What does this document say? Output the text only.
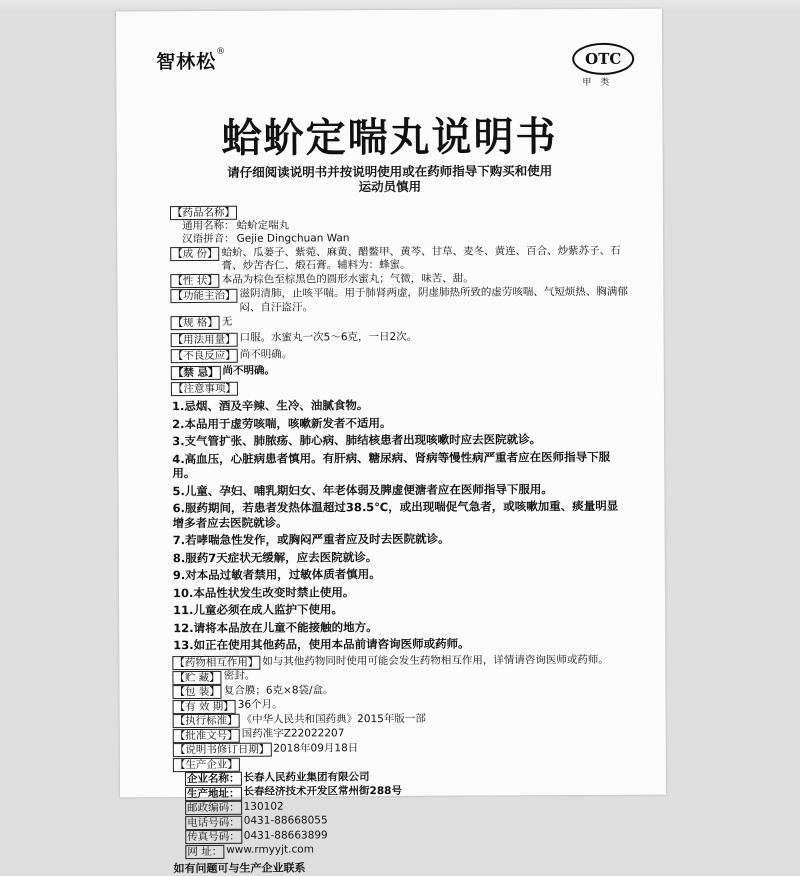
智林松®	OTC
甲 类
蛤蚧定喘丸说明书
请仔细阅读说明书并按说明使用或在药师指导下购买和使用
运动员慎用
【药品名称】
通用名称： 蛤蚧定喘丸
汉语拼音： Gejie Dingchuan Wan
【成 份】 蛤蚧、瓜蒌子、紫菀、麻黄、醋鳖甲、黄芩、甘草、麦冬、黄连、百合、炒紫苏子、石膏、炒苦杏仁、煅石膏。辅料为：蜂蜜。
【性 状】 本品为棕色至棕黑色的圆形水蜜丸；气微，味苦、甜。
【功能主治】 滋阴清肺，止咳平喘。用于肺肾两虚，阴虚肺热所致的虚劳咳喘、气短烦热、胸满郁闷、自汗盗汗。
【规 格】 无
【用法用量】 口服。水蜜丸一次5～6克，一日2次。
【不良反应】 尚不明确。
【禁 忌】 尚不明确。
【注意事项】
1.忌烟、酒及辛辣、生冷、油腻食物。
2.本品用于虚劳咳喘，咳嗽新发者不适用。
3.支气管扩张、肺脓疡、肺心病、肺结核患者出现咳嗽时应去医院就诊。
4.高血压，心脏病患者慎用。有肝病、糖尿病、肾病等慢性病严重者应在医师指导下服用。
5.儿童、孕妇、哺乳期妇女、年老体弱及脾虚便溏者应在医师指导下服用。
6.服药期间，若患者发热体温超过38.5℃，或出现喘促气急者，或咳嗽加重、痰量明显增多者应去医院就诊。
7.若哮喘急性发作，或胸闷严重者应及时去医院就诊。
8.服药7天症状无缓解，应去医院就诊。
9.对本品过敏者禁用，过敏体质者慎用。
10.本品性状发生改变时禁止使用。
11.儿童必须在成人监护下使用。
12.请将本品放在儿童不能接触的地方。
13.如正在使用其他药品，使用本品前请咨询医师或药师。
【药物相互作用】 如与其他药物同时使用可能会发生药物相互作用，详情请咨询医师或药师。
【贮 藏】 密封。
【包 装】 复合膜；6克×8袋/盒。
【有 效 期】 36个月。
【执行标准】 《中华人民共和国药典》2015年版一部
【批准文号】 国药准字Z22022207
【说明书修订日期】 2018年09月18日
【生产企业】
企业名称： 长春人民药业集团有限公司
生产地址： 长春经济技术开发区常州街288号
邮政编码： 130102
电话号码： 0431-88668055
传真号码： 0431-88663899
网 址： www.rmyyjt.com
如有问题可与生产企业联系
